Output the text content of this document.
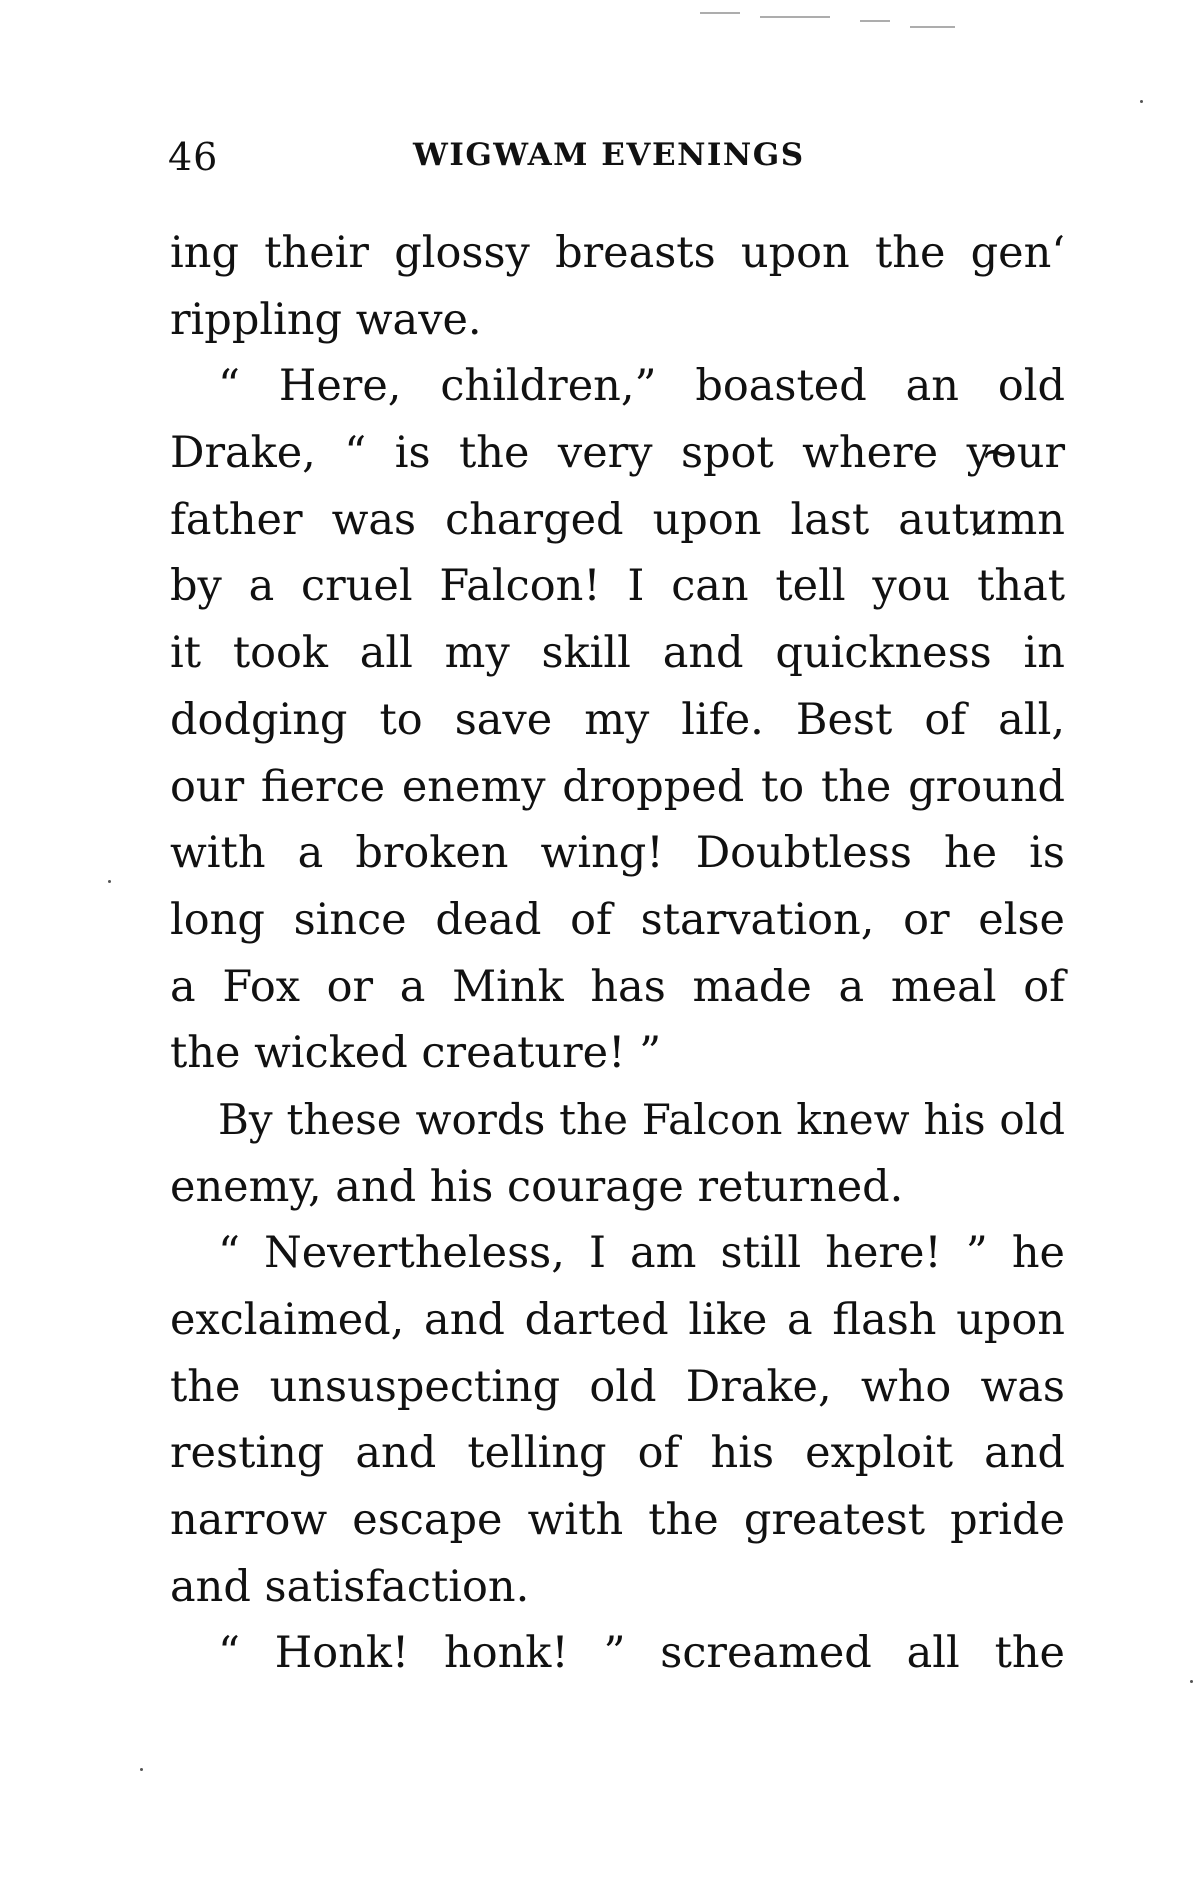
46	WIGWAM EVENINGS
ing their glossy breasts upon the gen‘
rippling wave.
“ Here, children,” boasted an old
Drake, “ is the very spot where yo̴ur
father was charged upon last autu̷mn
by a cruel Falcon! I can tell you that
it took all my skill and quickness in
dodging to save my life. Best of all,
our fierce enemy dropped to the ground
with a broken wing! Doubtless he is
long since dead of starvation, or else
a Fox or a Mink has made a meal of
the wicked creature! ”
By these words the Falcon knew his old
enemy, and his courage returned.
“ Nevertheless, I am still here! ” he
exclaimed, and darted like a flash upon
the unsuspecting old Drake, who was
resting and telling of his exploit and
narrow escape with the greatest pride
and satisfaction.
“ Honk! honk! ” screamed all the
